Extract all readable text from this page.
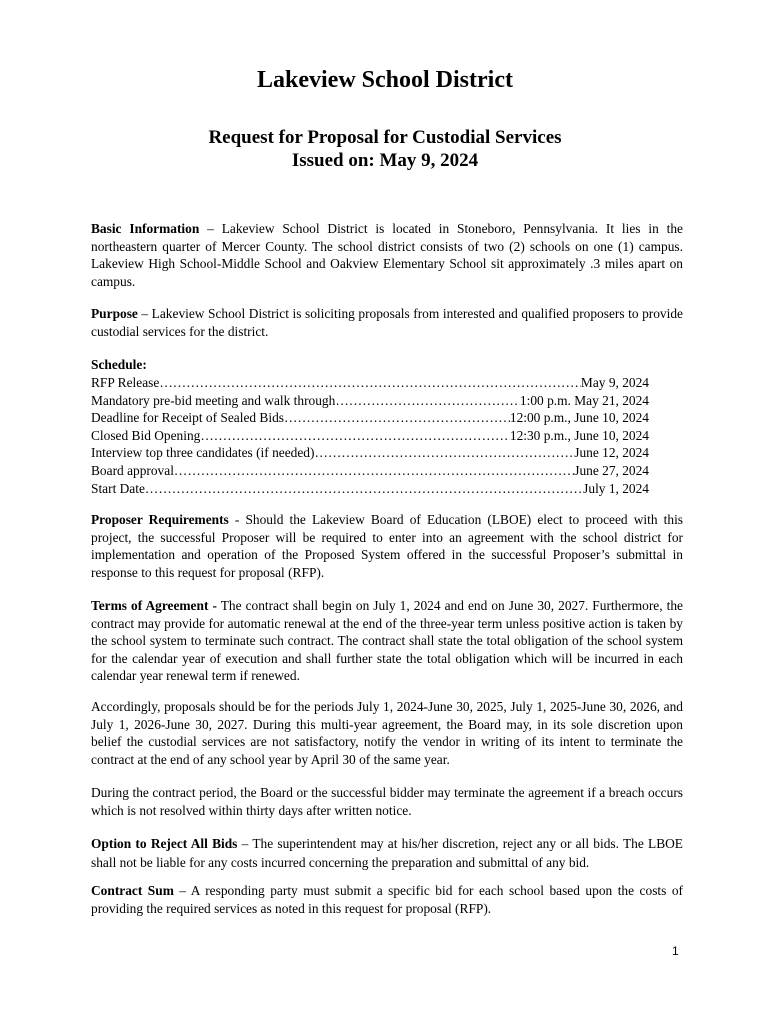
Lakeview School District
Request for Proposal for Custodial Services
Issued on: May 9, 2024
Basic Information – Lakeview School District is located in Stoneboro, Pennsylvania. It lies in the northeastern quarter of Mercer County. The school district consists of two (2) schools on one (1) campus. Lakeview High School-Middle School and Oakview Elementary School sit approximately .3 miles apart on campus.
Purpose – Lakeview School District is soliciting proposals from interested and qualified proposers to provide custodial services for the district.
Schedule:
RFP Release ……………………………………………………………………………………………………………………………	May 9, 2024
Mandatory pre-bid meeting and walk through ……………………………………………………………………………………………………………………………	1:00 p.m. May 21, 2024
Deadline for Receipt of Sealed Bids ……………………………………………………………………………………………………………………………	12:00 p.m., June 10, 2024
Closed Bid Opening ……………………………………………………………………………………………………………………………	12:30 p.m., June 10, 2024
Interview top three candidates (if needed) ……………………………………………………………………………………………………………………………	June 12, 2024
Board approval ……………………………………………………………………………………………………………………………	June 27, 2024
Start Date ……………………………………………………………………………………………………………………………	July 1, 2024
Proposer Requirements - Should the Lakeview Board of Education (LBOE) elect to proceed with this project, the successful Proposer will be required to enter into an agreement with the school district for implementation and operation of the Proposed System offered in the successful Proposer’s submittal in response to this request for proposal (RFP).
Terms of Agreement - The contract shall begin on July 1, 2024 and end on June 30, 2027. Furthermore, the contract may provide for automatic renewal at the end of the three-year term unless positive action is taken by the school system to terminate such contract. The contract shall state the total obligation of the school system for the calendar year of execution and shall further state the total obligation which will be incurred in each calendar year renewal term if renewed.
Accordingly, proposals should be for the periods July 1, 2024-June 30, 2025, July 1, 2025-June 30, 2026, and July 1, 2026-June 30, 2027. During this multi-year agreement, the Board may, in its sole discretion upon belief the custodial services are not satisfactory, notify the vendor in writing of its intent to terminate the contract at the end of any school year by April 30 of the same year.
During the contract period, the Board or the successful bidder may terminate the agreement if a breach occurs which is not resolved within thirty days after written notice.
Option to Reject All Bids – The superintendent may at his/her discretion, reject any or all bids. The LBOE shall not be liable for any costs incurred concerning the preparation and submittal of any bid.
Contract Sum – A responding party must submit a specific bid for each school based upon the costs of providing the required services as noted in this request for proposal (RFP).
1
